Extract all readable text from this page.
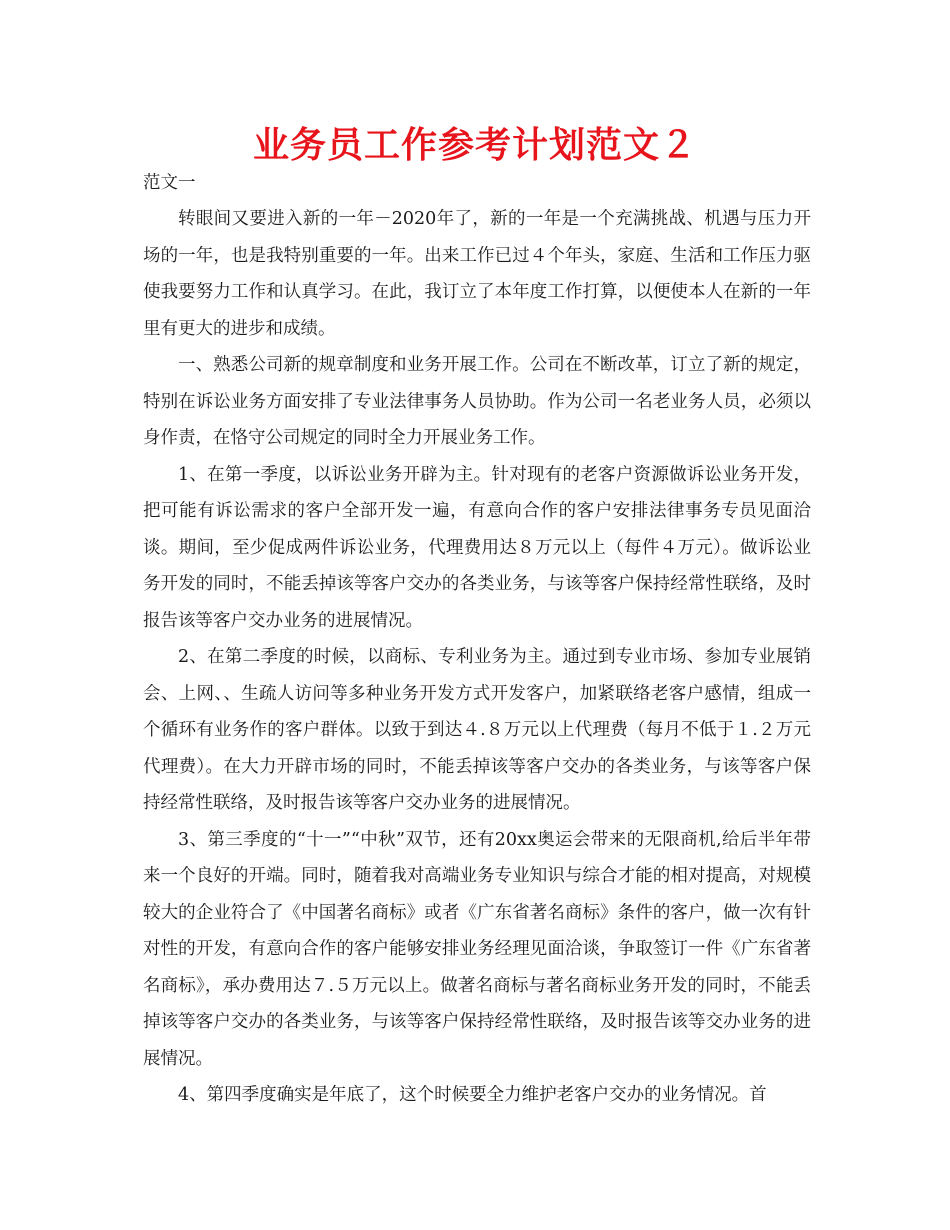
业务员工作参考计划范文２

范文一

转眼间又要进入新的一年－2020年了，新的一年是一个充满挑战、机遇与压力开场的一年，也是我特别重要的一年。出来工作已过４个年头，家庭、生活和工作压力驱使我要努力工作和认真学习。在此，我订立了本年度工作打算，以便使本人在新的一年里有更大的进步和成绩。

一、熟悉公司新的规章制度和业务开展工作。公司在不断改革，订立了新的规定，特别在诉讼业务方面安排了专业法律事务人员协助。作为公司一名老业务人员，必须以身作责，在恪守公司规定的同时全力开展业务工作。

1、在第一季度，以诉讼业务开辟为主。针对现有的老客户资源做诉讼业务开发，把可能有诉讼需求的客户全部开发一遍，有意向合作的客户安排法律事务专员见面洽谈。期间，至少促成两件诉讼业务，代理费用达８万元以上（每件４万元）。做诉讼业务开发的同时，不能丢掉该等客户交办的各类业务，与该等客户保持经常性联络，及时报告该等客户交办业务的进展情况。

2、在第二季度的时候，以商标、专利业务为主。通过到专业市场、参加专业展销会、上网、、生疏人访问等多种业务开发方式开发客户，加紧联络老客户感情，组成一个循环有业务作的客户群体。以致于到达４.８万元以上代理费（每月不低于１.２万元代理费）。在大力开辟市场的同时，不能丢掉该等客户交办的各类业务，与该等客户保持经常性联络，及时报告该等客户交办业务的进展情况。

3、第三季度的“十一”“中秋”双节，还有20xx奥运会带来的无限商机,给后半年带来一个良好的开端。同时，随着我对高端业务专业知识与综合才能的相对提高，对规模较大的企业符合了《中国著名商标》或者《广东省著名商标》条件的客户，做一次有针对性的开发，有意向合作的客户能够安排业务经理见面洽谈，争取签订一件《广东省著名商标》，承办费用达７.５万元以上。做著名商标与著名商标业务开发的同时，不能丢掉该等客户交办的各类业务，与该等客户保持经常性联络，及时报告该等交办业务的进展情况。

4、第四季度确实是年底了，这个时候要全力维护老客户交办的业务情况。首
